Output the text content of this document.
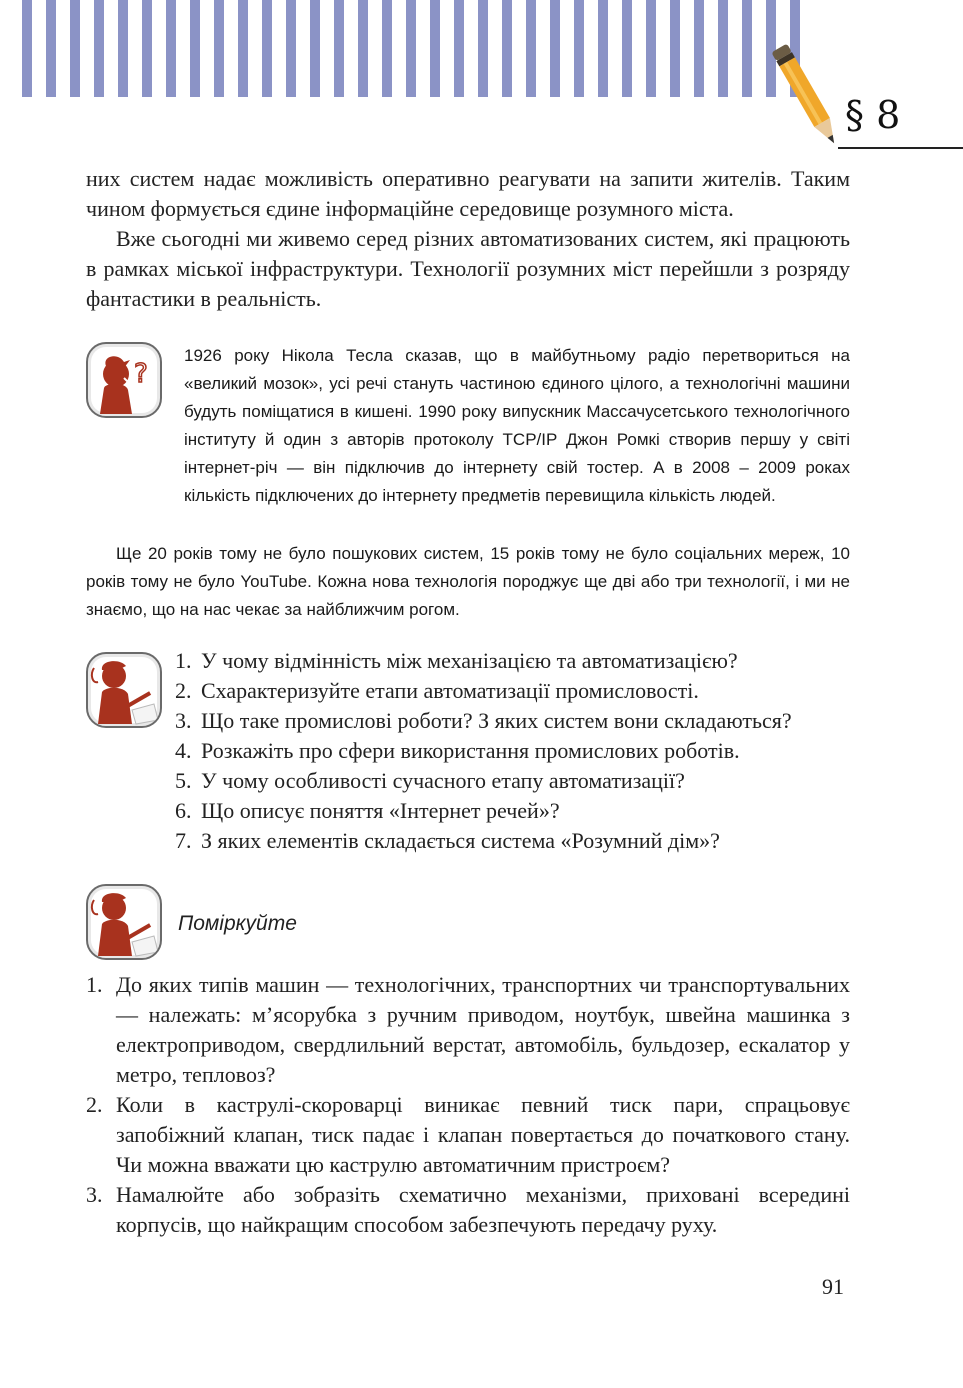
§ 8

них систем надає можливість оперативно реагувати на запити жителів. Таким чином формується єдине інформаційне середовище розумного міста.

Вже сьогодні ми живемо серед різних автоматизованих систем, які працюють в рамках міської інфраструктури. Технології розумних міст перейшли з розряду фантастики в реальність.

1926 року Нікола Тесла сказав, що в майбутньому радіо перетвориться на «великий мозок», усі речі стануть частиною єдиного цілого, а технологічні машини будуть поміщатися в кишені. 1990 року випускник Массачусетського технологічного інституту й один з авторів протоколу TCP/IP Джон Ромкі створив першу у світі інтернет-річ — він підключив до інтернету свій тостер. А в 2008 – 2009 роках кількість підключених до інтернету предметів перевищила кількість людей.

?

Ще 20 років тому не було пошукових систем, 15 років тому не було соціальних мереж, 10 років тому не було YouTube. Кожна нова технологія породжує ще дві або три технології, і ми не знаємо, що на нас чекає за найближчим рогом.

1. У чому відмінність між механізацією та автоматизацією?
2. Схарактеризуйте етапи автоматизації промисловості.
3. Що таке промислові роботи? З яких систем вони складаються?
4. Розкажіть про сфери використання промислових роботів.
5. У чому особливості сучасного етапу автоматизації?
6. Що описує поняття «Інтернет речей»?
7. З яких елементів складається система «Розумний дім»?
Поміркуйте
1. До яких типів машин — технологічних, транспортних чи транспортувальних — належать: м’ясорубка з ручним приводом, ноутбук, швейна машинка з електроприводом, свердлильний верстат, автомобіль, бульдозер, ескалатор у метро, тепловоз?
2. Коли в каструлі-скороварці виникає певний тиск пари, спрацьовує запобіжний клапан, тиск падає і клапан повертається до початкового стану. Чи можна вважати цю каструлю автоматичним пристроєм?
3. Намалюйте або зобразіть схематично механізми, приховані всередині корпусів, що найкращим способом забезпечують передачу руху.
91
